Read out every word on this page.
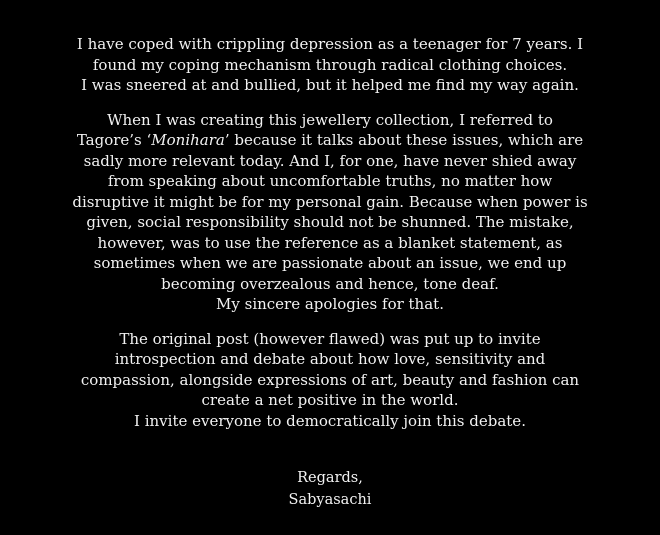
I have coped with crippling depression as a teenager for 7 years. I
found my coping mechanism through radical clothing choices.
I was sneered at and bullied, but it helped me find my way again.
When I was creating this jewellery collection, I referred to
Tagore’s ‘Monihara’ because it talks about these issues, which are
sadly more relevant today. And I, for one, have never shied away
from speaking about uncomfortable truths, no matter how
disruptive it might be for my personal gain. Because when power is
given, social responsibility should not be shunned. The mistake,
however, was to use the reference as a blanket statement, as
sometimes when we are passionate about an issue, we end up
becoming overzealous and hence, tone deaf.
My sincere apologies for that.
The original post (however flawed) was put up to invite
introspection and debate about how love, sensitivity and
compassion, alongside expressions of art, beauty and fashion can
create a net positive in the world.
I invite everyone to democratically join this debate.
Regards,
Sabyasachi
